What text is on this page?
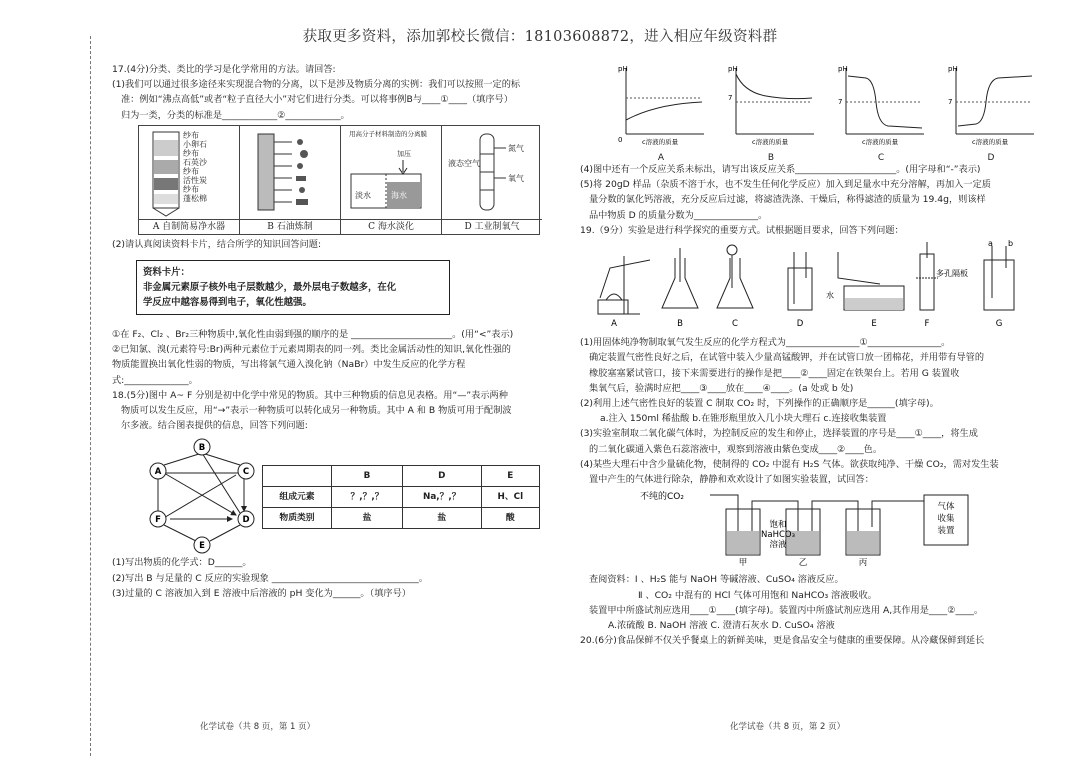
获取更多资料，添加郭校长微信：18103608872，进入相应年级资料群
17.(4分)分类、类比的学习是化学常用的方法。请回答:
(1)我们可以通过很多途径来实现混合物的分离，以下是涉及物质分离的实例：我们可以按照一定的标
准：例如“沸点高低”或者“粒子直径大小”对它们进行分类。可以将事例B与____①____（填序号）
归为一类，分类的标准是____________②____________。
纱布
小卵石
纱布
石英沙
纱布
活性炭
纱布
蓬松棉
A 自制简易净水器	B 石油炼制
用高分子材料制造的分离膜
加压
淡水	海水
C 海水淡化
液态空气
氮气
氧气
D 工业制氧气
(2)请认真阅读资料卡片，结合所学的知识回答问题:
资料卡片：
非金属元素原子核外电子层数越少，最外层电子数越多，在化
学反应中越容易得到电子，氧化性越强。
①在 F₂、Cl₂ 、Br₂三种物质中,氧化性由弱到强的顺序的是 ______________________。(用“<”表示)
②已知氯、溴(元素符号:Br)两种元素位于元素周期表的同一列。类比金属活动性的知识,氧化性强的
物质能置换出氧化性弱的物质，写出将氯气通入溴化钠（NaBr）中发生反应的化学方程
式:______________。
18.(5分)图中 A~ F 分别是初中化学中常见的物质。其中三种物质的信息见表格。用“—”表示两种
物质可以发生反应，用“→”表示一种物质可以转化成另一种物质。其中 A 和 B 物质可用于配制波
尔多液。结合图表提供的信息，回答下列问题:
B
A	C
F	D
E
	B	D	E
组成元素	？,？,？	Na,？,？	H、Cl
物质类别	盐	盐	酸
(1)写出物质的化学式：D______。
(2)写出 B 与足量的 C 反应的实验现象 ________________________________。
(3)过量的 C 溶液加入到 E 溶液中后溶液的 pH 变化为______。（填序号）
化学试卷（共 8 页，第 1 页）
pH
0	c溶液的质量
A
pH
7
c溶液的质量
B
pH
7
c溶液的质量
C
pH
7
c溶液的质量
D
(4)图中还有一个反应关系未标出，请写出该反应关系______________________。(用字母和“-”表示)
(5)将 20gD 样品（杂质不溶于水，也不发生任何化学反应）加入到足量水中充分溶解，再加入一定质
量分数的氯化钙溶液，充分反应后过滤，将滤渣洗涤、干燥后，称得滤渣的质量为 19.4g，则该样
品中物质 D 的质量分数为______________。
19.（9分）实验是进行科学探究的重要方式。试根据题目要求，回答下列问题：
多孔隔板
水
a b
A	B	C	D	E	F	G
(1)用固体纯净物制取氧气发生反应的化学方程式为________________①________________。
确定装置气密性良好之后，在试管中装入少量高锰酸钾，并在试管口放一团棉花，并用带有导管的
橡胶塞塞紧试管口，接下来需要进行的操作是把____②____固定在铁架台上。若用 G 装置收
集氧气后，验满时应把____③____放在____④____。(a 处或 b 处)
(2)利用上述气密性良好的装置 C 制取 CO₂ 时，下列操作的正确顺序是______(填字母)。
a.注入 150ml 稀盐酸 b.在锥形瓶里放入几小块大理石 c.连接收集装置
(3)实验室制取二氧化碳气体时，为控制反应的发生和停止，选择装置的序号是____①____，将生成
的二氧化碳通入紫色石蕊溶液中，观察到溶液由紫色变成____②____色。
(4)某些大理石中含少量硫化物，使制得的 CO₂ 中混有 H₂S 气体。欲获取纯净、干燥 CO₂，需对发生装
置中产生的气体进行除杂，静静和欢欢设计了如图实验装置，试回答：
不纯的CO₂
饱和
NaHCO₃
溶液
气体
收集
装置
甲	乙	丙
查阅资料：Ⅰ 、H₂S 能与 NaOH 等碱溶液、CuSO₄ 溶液反应。
Ⅱ 、CO₂ 中混有的 HCl 气体可用饱和 NaHCO₃ 溶液吸收。
装置甲中所盛试剂应选用____①____(填字母)。装置丙中所盛试剂应选用 A,其作用是____②____。
A.浓硫酸 B. NaOH 溶液 C. 澄清石灰水 D. CuSO₄ 溶液
20.(6分)食品保鲜不仅关乎餐桌上的新鲜美味，更是食品安全与健康的重要保障。从冷藏保鲜到延长
化学试卷（共 8 页，第 2 页）
